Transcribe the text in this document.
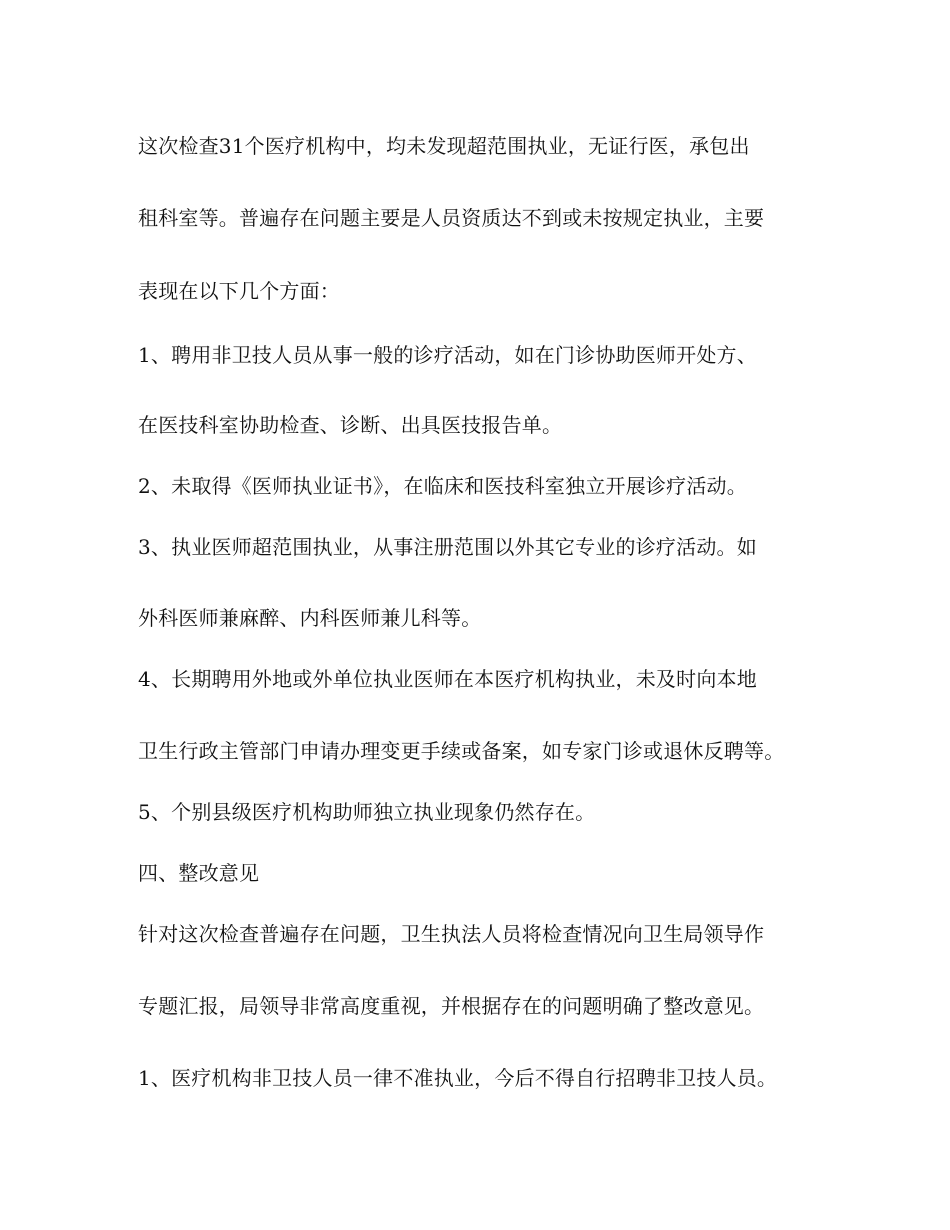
这次检查31个医疗机构中，均未发现超范围执业，无证行医，承包出
租科室等。普遍存在问题主要是人员资质达不到或未按规定执业，主要
表现在以下几个方面：
1、聘用非卫技人员从事一般的诊疗活动，如在门诊协助医师开处方、
在医技科室协助检查、诊断、出具医技报告单。
2、未取得《医师执业证书》，在临床和医技科室独立开展诊疗活动。
3、执业医师超范围执业，从事注册范围以外其它专业的诊疗活动。如
外科医师兼麻醉、内科医师兼儿科等。
4、长期聘用外地或外单位执业医师在本医疗机构执业，未及时向本地
卫生行政主管部门申请办理变更手续或备案，如专家门诊或退休反聘等。
5、个别县级医疗机构助师独立执业现象仍然存在。
四、整改意见
针对这次检查普遍存在问题，卫生执法人员将检查情况向卫生局领导作
专题汇报，局领导非常高度重视，并根据存在的问题明确了整改意见。
1、医疗机构非卫技人员一律不准执业，今后不得自行招聘非卫技人员。
